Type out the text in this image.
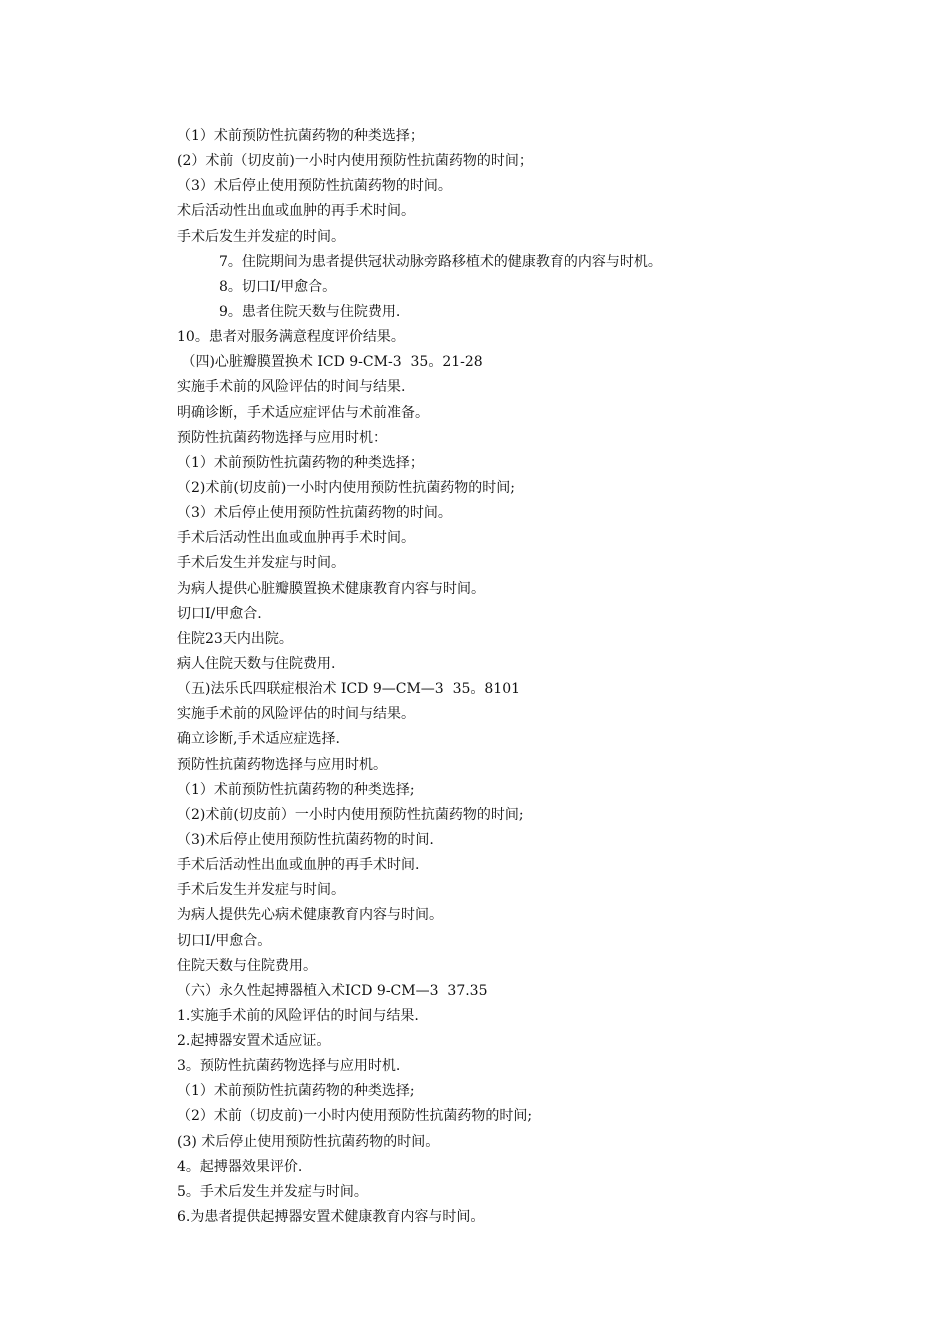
（1）术前预防性抗菌药物的种类选择；
(2）术前（切皮前)一小时内使用预防性抗菌药物的时间；
（3）术后停止使用预防性抗菌药物的时间。
术后活动性出血或血肿的再手术时间。
手术后发生并发症的时间。
7。住院期间为患者提供冠状动脉旁路移植术的健康教育的内容与时机。
8。切口Ⅰ/甲愈合。
9。患者住院天数与住院费用.
10。患者对服务满意程度评价结果。
（四)心脏瓣膜置换术 ICD 9-CM-3  35。21-28
实施手术前的风险评估的时间与结果.
明确诊断，手术适应症评估与术前准备。
预防性抗菌药物选择与应用时机：
（1）术前预防性抗菌药物的种类选择；
（2)术前(切皮前)一小时内使用预防性抗菌药物的时间;
（3）术后停止使用预防性抗菌药物的时间。
手术后活动性出血或血肿再手术时间。
手术后发生并发症与时间。
为病人提供心脏瓣膜置换术健康教育内容与时间。
切口Ⅰ/甲愈合.
住院23天内出院。
病人住院天数与住院费用.
（五)法乐氏四联症根治术 ICD 9—CM—3  35。8101
实施手术前的风险评估的时间与结果。
确立诊断,手术适应症选择.
预防性抗菌药物选择与应用时机。
（1）术前预防性抗菌药物的种类选择;
（2)术前(切皮前）一小时内使用预防性抗菌药物的时间;
（3)术后停止使用预防性抗菌药物的时间.
手术后活动性出血或血肿的再手术时间.
手术后发生并发症与时间。
为病人提供先心病术健康教育内容与时间。
切口Ⅰ/甲愈合。
住院天数与住院费用。
（六）永久性起搏器植入术ICD 9-CM—3  37.35
1.实施手术前的风险评估的时间与结果.
2.起搏器安置术适应证。
3。预防性抗菌药物选择与应用时机.
（1）术前预防性抗菌药物的种类选择;
（2）术前（切皮前)一小时内使用预防性抗菌药物的时间;
(3) 术后停止使用预防性抗菌药物的时间。
4。起搏器效果评价.
5。手术后发生并发症与时间。
6.为患者提供起搏器安置术健康教育内容与时间。
